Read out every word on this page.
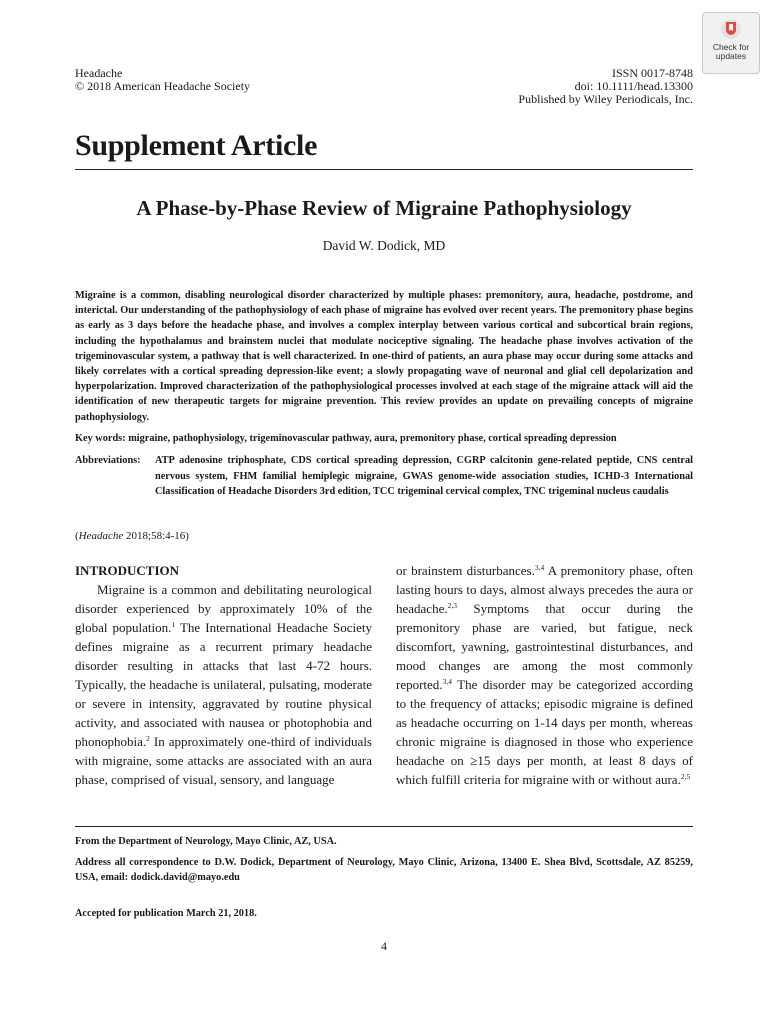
Check for
updates
Headache
© 2018 American Headache Society
ISSN 0017-8748
doi: 10.1111/head.13300
Published by Wiley Periodicals, Inc.
Supplement Article
A Phase-by-Phase Review of Migraine Pathophysiology
David W. Dodick, MD

Migraine is a common, disabling neurological disorder characterized by multiple phases: premonitory, aura, headache, postdrome, and interictal. Our understanding of the pathophysiology of each phase of migraine has evolved over recent years. The premonitory phase begins as early as 3 days before the headache phase, and involves a complex interplay between various cortical and subcortical brain regions, including the hypothalamus and brainstem nuclei that modulate nociceptive signaling. The headache phase involves activation of the trigeminovascular system, a pathway that is well characterized. In one-third of patients, an aura phase may occur during some attacks and likely correlates with a cortical spreading depression-like event; a slowly propagating wave of neuronal and glial cell depolarization and hyperpolarization. Improved characterization of the pathophysiological processes involved at each stage of the migraine attack will aid the identification of new therapeutic targets for migraine prevention. This review provides an update on prevailing concepts of migraine pathophysiology.

Key words: migraine, pathophysiology, trigeminovascular pathway, aura, premonitory phase, cortical spreading depression

Abbreviations: ATP adenosine triphosphate, CDS cortical spreading depression, CGRP calcitonin gene-related peptide, CNS central nervous system, FHM familial hemiplegic migraine, GWAS genome-wide association studies, ICHD-3 International Classification of Headache Disorders 3rd edition, TCC trigeminal cervical complex, TNC trigeminal nucleus caudalis
(Headache 2018;58:4-16)
INTRODUCTION

Migraine is a common and debilitating neurological disorder experienced by approximately 10% of the global population.$^1$ The International Headache Society defines migraine as a recurrent primary headache disorder resulting in attacks that last 4-72 hours. Typically, the headache is unilateral, pulsating, moderate or severe in intensity, aggravated by routine physical activity, and associated with nausea or photophobia and phonophobia.$^2$ In approximately one-third of individuals with migraine, some attacks are associated with an aura phase, comprised of visual, sensory, and language

or brainstem disturbances.$^{3,4}$ A premonitory phase, often lasting hours to days, almost always precedes the aura or headache.$^{2,3}$ Symptoms that occur during the premonitory phase are varied, but fatigue, neck discomfort, yawning, gastrointestinal disturbances, and mood changes are among the most commonly reported.$^{3,4}$ The disorder may be categorized according to the frequency of attacks; episodic migraine is defined as headache occurring on 1-14 days per month, whereas chronic migraine is diagnosed in those who experience headache on ≥15 days per month, at least 8 days of which fulfill criteria for migraine with or without aura.$^{2,5}$

From the Department of Neurology, Mayo Clinic, AZ, USA.

Address all correspondence to D.W. Dodick, Department of Neurology, Mayo Clinic, Arizona, 13400 E. Shea Blvd, Scottsdale, AZ 85259, USA, email: dodick.david@mayo.edu

Accepted for publication March 21, 2018.

4
